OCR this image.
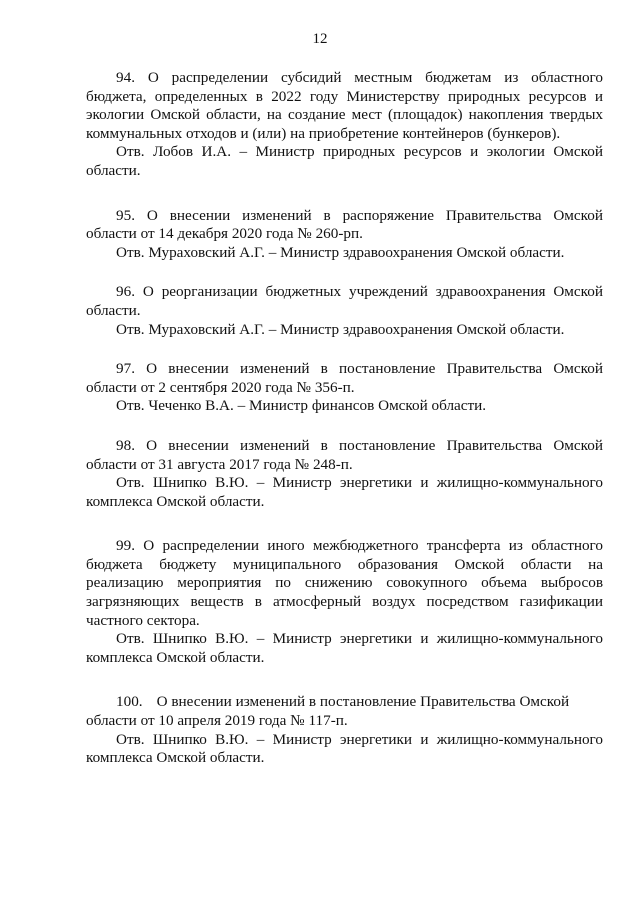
12
94. О распределении субсидий местным бюджетам из областного
бюджета, определенных в 2022 году Министерству природных ресурсов и
экологии Омской области, на создание мест (площадок) накопления твердых
коммунальных отходов и (или) на приобретение контейнеров (бункеров).
Отв. Лобов И.А. – Министр природных ресурсов и экологии Омской
области.
95. О внесении изменений в распоряжение Правительства Омской
области от 14 декабря 2020 года № 260-рп.
Отв. Мураховский А.Г. – Министр здравоохранения Омской области.
96. О реорганизации бюджетных учреждений здравоохранения Омской
области.
Отв. Мураховский А.Г. – Министр здравоохранения Омской области.
97. О внесении изменений в постановление Правительства Омской
области от 2 сентября 2020 года № 356-п.
Отв. Чеченко В.А. – Министр финансов Омской области.
98. О внесении изменений в постановление Правительства Омской
области от 31 августа 2017 года № 248-п.
Отв. Шнипко В.Ю. – Министр энергетики и жилищно-коммунального
комплекса Омской области.
99. О распределении иного межбюджетного трансферта из областного
бюджета бюджету муниципального образования Омской области на
реализацию мероприятия по снижению совокупного объема выбросов
загрязняющих веществ в атмосферный воздух посредством газификации
частного сектора.
Отв. Шнипко В.Ю. – Министр энергетики и жилищно-коммунального
комплекса Омской области.
100. О внесении изменений в постановление Правительства Омской
области от 10 апреля 2019 года № 117-п.
Отв. Шнипко В.Ю. – Министр энергетики и жилищно-коммунального
комплекса Омской области.
